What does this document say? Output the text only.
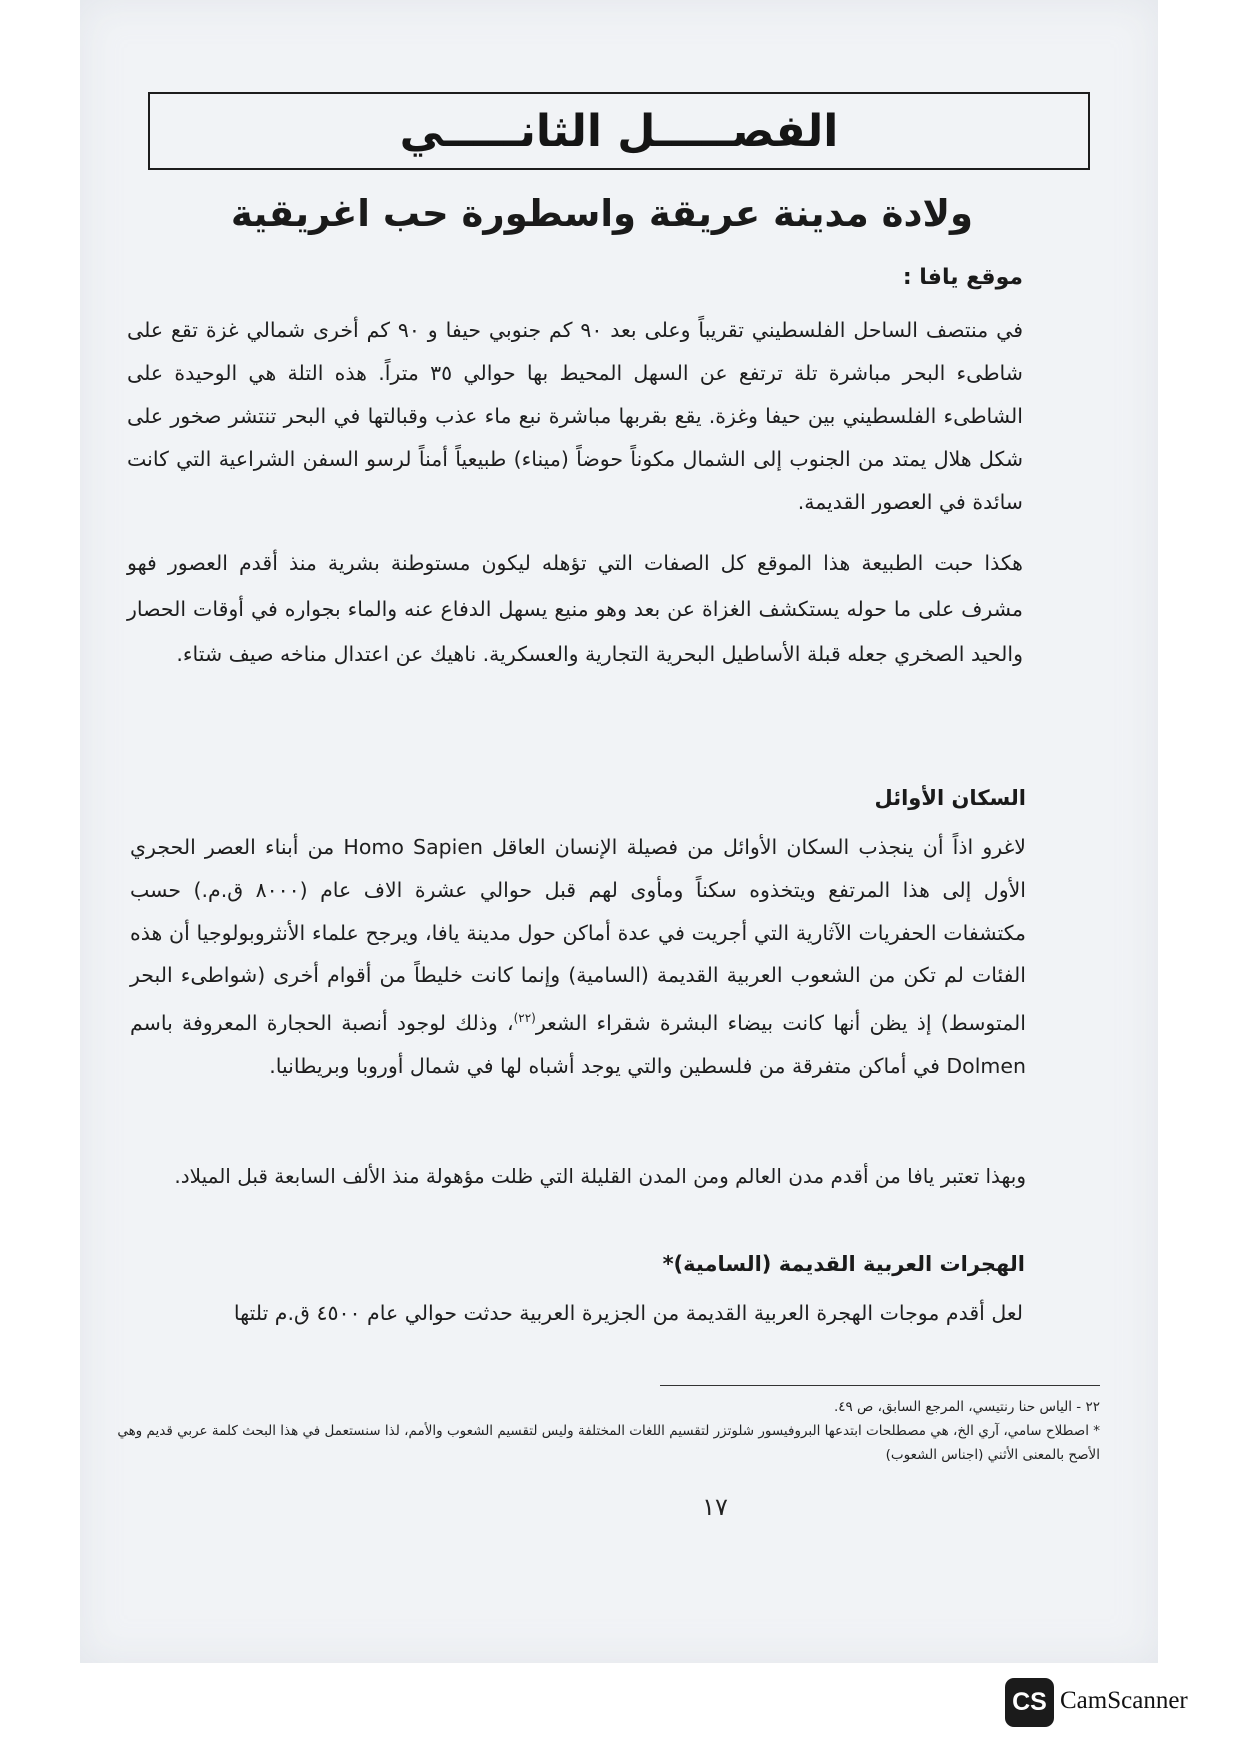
الفصـــــل الثانـــــي
ولادة مدينة عريقة واسطورة حب اغريقية
موقع يافا :

في منتصف الساحل الفلسطيني تقريباً وعلى بعد ٩٠ كم جنوبي حيفا و ٩٠ كم أخرى شمالي غزة تقع على شاطىء البحر مباشرة تلة ترتفع عن السهل المحيط بها حوالي ٣٥ متراً. هذه التلة هي الوحيدة على الشاطىء الفلسطيني بين حيفا وغزة. يقع بقربها مباشرة نبع ماء عذب وقبالتها في البحر تنتشر صخور على شكل هلال يمتد من الجنوب إلى الشمال مكوناً حوضاً (ميناء) طبيعياً أمناً لرسو السفن الشراعية التي كانت سائدة في العصور القديمة.

هكذا حبت الطبيعة هذا الموقع كل الصفات التي تؤهله ليكون مستوطنة بشرية منذ أقدم العصور فهو مشرف على ما حوله يستكشف الغزاة عن بعد وهو منيع يسهل الدفاع عنه والماء بجواره في أوقات الحصار والحيد الصخري جعله قبلة الأساطيل البحرية التجارية والعسكرية. ناهيك عن اعتدال مناخه صيف شتاء.

السكان الأوائل

لاغرو اذاً أن ينجذب السكان الأوائل من فصيلة الإنسان العاقل Homo Sapien من أبناء العصر الحجري الأول إلى هذا المرتفع ويتخذوه سكناً ومأوى لهم قبل حوالي عشرة الاف عام (٨٠٠٠ ق.م.) حسب مكتشفات الحفريات الآثارية التي أجريت في عدة أماكن حول مدينة يافا، ويرجح علماء الأنثروبولوجيا أن هذه الفئات لم تكن من الشعوب العربية القديمة (السامية) وإنما كانت خليطاً من أقوام أخرى (شواطىء البحر المتوسط) إذ يظن أنها كانت بيضاء البشرة شقراء الشعر$^{(٢٢)}$، وذلك لوجود أنصبة الحجارة المعروفة باسم Dolmen في أماكن متفرقة من فلسطين والتي يوجد أشباه لها في شمال أوروبا وبريطانيا.

وبهذا تعتبر يافا من أقدم مدن العالم ومن المدن القليلة التي ظلت مؤهولة منذ الألف السابعة قبل الميلاد.

الهجرات العربية القديمة (السامية)*

لعل أقدم موجات الهجرة العربية القديمة من الجزيرة العربية حدثت حوالي عام ٤٥٠٠ ق.م تلتها

١٧

٢٢ - الياس حنا رنتيسي، المرجع السابق، ص ٤٩.

* اصطلاح سامي، آري الخ، هي مصطلحات ابتدعها البروفيسور شلوتزر لتقسيم اللغات المختلفة وليس لتقسيم الشعوب والأمم، لذا سنستعمل في هذا البحث كلمة عربي قديم وهي الأصح بالمعنى الأثني (اجناس الشعوب)

CS CamScanner
